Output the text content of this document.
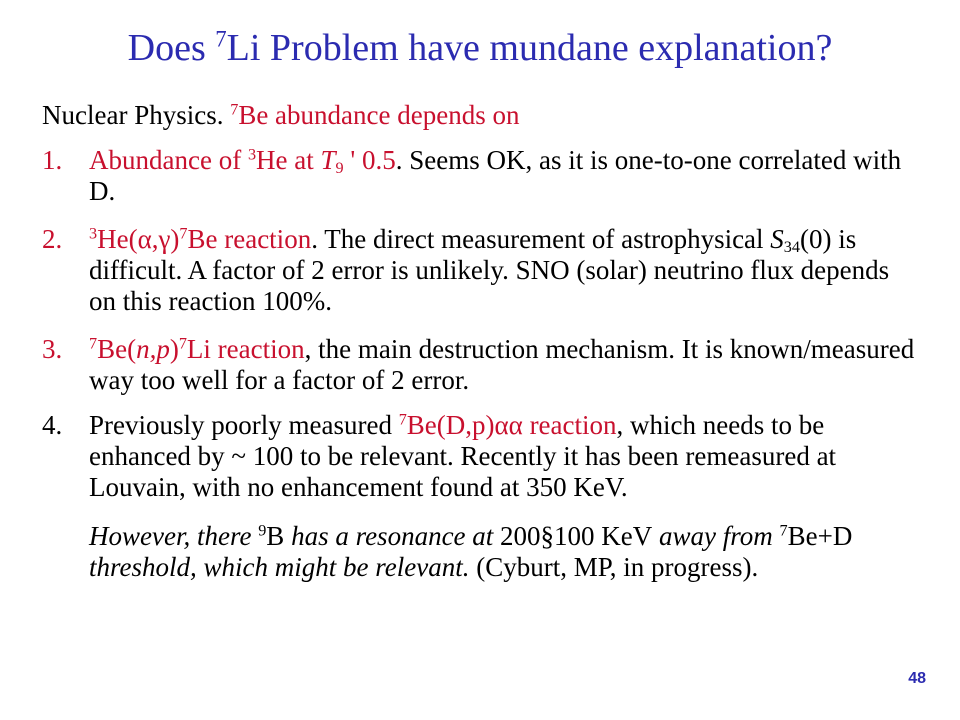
Does $^7$Li Problem have mundane explanation?
Nuclear Physics. $^7$Be abundance depends on
1. Abundance of $^3$He at $T_9$ ' 0.5. Seems OK, as it is one-to-one correlated with D.
2. $^3He(\alpha,\gamma)^7Be$ reaction. The direct measurement of astrophysical $S_{34}(0)$ is difficult. A factor of 2 error is unlikely. SNO (solar) neutrino flux depends on this reaction 100%.
3. $^7Be(n,p)^7Li$ reaction, the main destruction mechanism. It is known/measured way too well for a factor of 2 error.
4. Previously poorly measured $^7$Be(D,p)αα reaction, which needs to be enhanced by ~ 100 to be relevant. Recently it has been remeasured at Louvain, with no enhancement found at 350 KeV.
However, there $^9$B has a resonance at 200§100 KeV away from $^7$Be+D threshold, which might be relevant. (Cyburt, MP, in progress).
48
